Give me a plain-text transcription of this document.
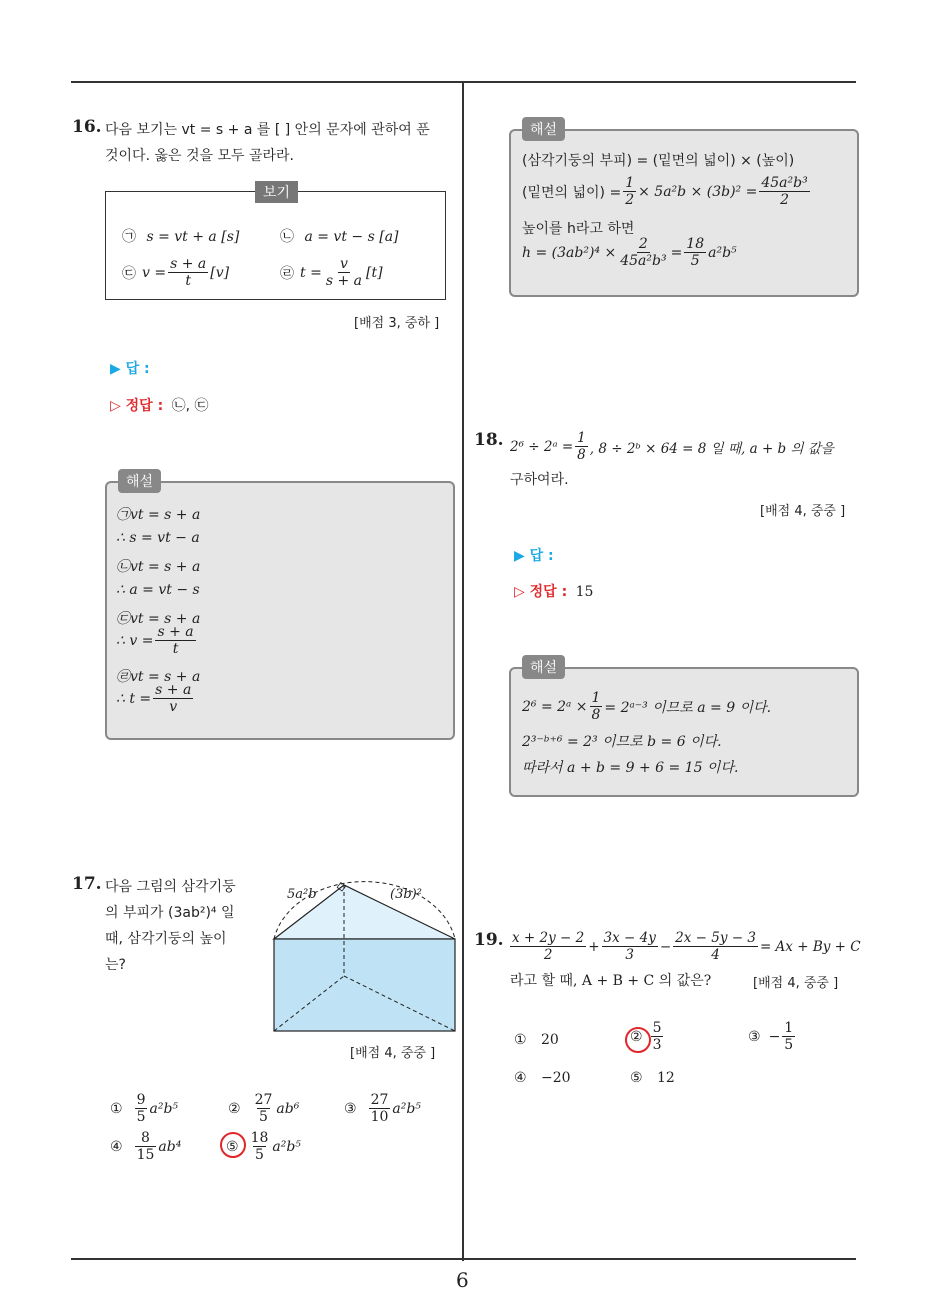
6
16. 다음 보기는 vt = s + a 를 [ ] 안의 문자에 관하여 푼
것이다. 옳은 것을 모두 골라라.
보기
㉠ s = vt + a [s]	㉡ a = vt − s [a]
㉢ $v = \frac{s + a}{t} [v]$	㉣ $t = \frac{v}{s + a} [t]$
[배점 3, 중하 ]
▶ 답 :
▷ 정답 : ㉡, ㉢
해설
㉠vt = s + a
∴ s = vt − a
㉡vt = s + a
∴ a = vt − s
㉢vt = s + a
∴ $v = \frac{s + a}{t}$
㉣vt = s + a
∴ $t = \frac{s + a}{v}$
17. 다음 그림의 삼각기둥
의 부피가 (3ab²)⁴ 일
때, 삼각기둥의 높이
는?
5a²b	(3b)²
[배점 4, 중중 ]
① $\frac{9}{5} a^2b^5$	② $\frac{27}{5} ab^6$	③ $\frac{27}{10} a^2b^5$
④ $\frac{8}{15} ab^4$	⑤ $\frac{18}{5} a^2b^5$
해설
(삼각기둥의 부피) = (밑면의 넓이) × (높이)
(밑면의 넓이) = $\frac{1}{2} \times 5a^2b \times (3b)^2 = \frac{\text{45a²b³}}{2}$
높이를 h라고 하면
$h = (3ab^2)^4 \times \frac{2}{\text{45a²b³}} = \frac{18}{5} a^2b^5$
18. 2⁶ ÷ 2ᵃ = $\frac{1}{8}$ , 8 ÷ 2ᵇ × 64 = 8 일 때, a + b 의 값을
구하여라.
[배점 4, 중중 ]
▶ 답 :
▷ 정답 : 15
해설
2⁶ = 2ᵃ × $\frac{1}{8}$ = 2ᵃ⁻³ 이므로 a = 9 이다.
2³⁻ᵇ⁺⁶ = 2³ 이므로 b = 6 이다.
따라서 a + b = 9 + 6 = 15 이다.
19. $\frac{x + 2y - 2}{2} + \frac{3x - 4y}{3} - \frac{2x - 5y - 3}{4} = Ax + By + C$
라고 할 때, A + B + C 의 값은?	[배점 4, 중중 ]
① 20	② $\frac{5}{3}$	③ − $\frac{1}{5}$
④ −20	⑤ 12
